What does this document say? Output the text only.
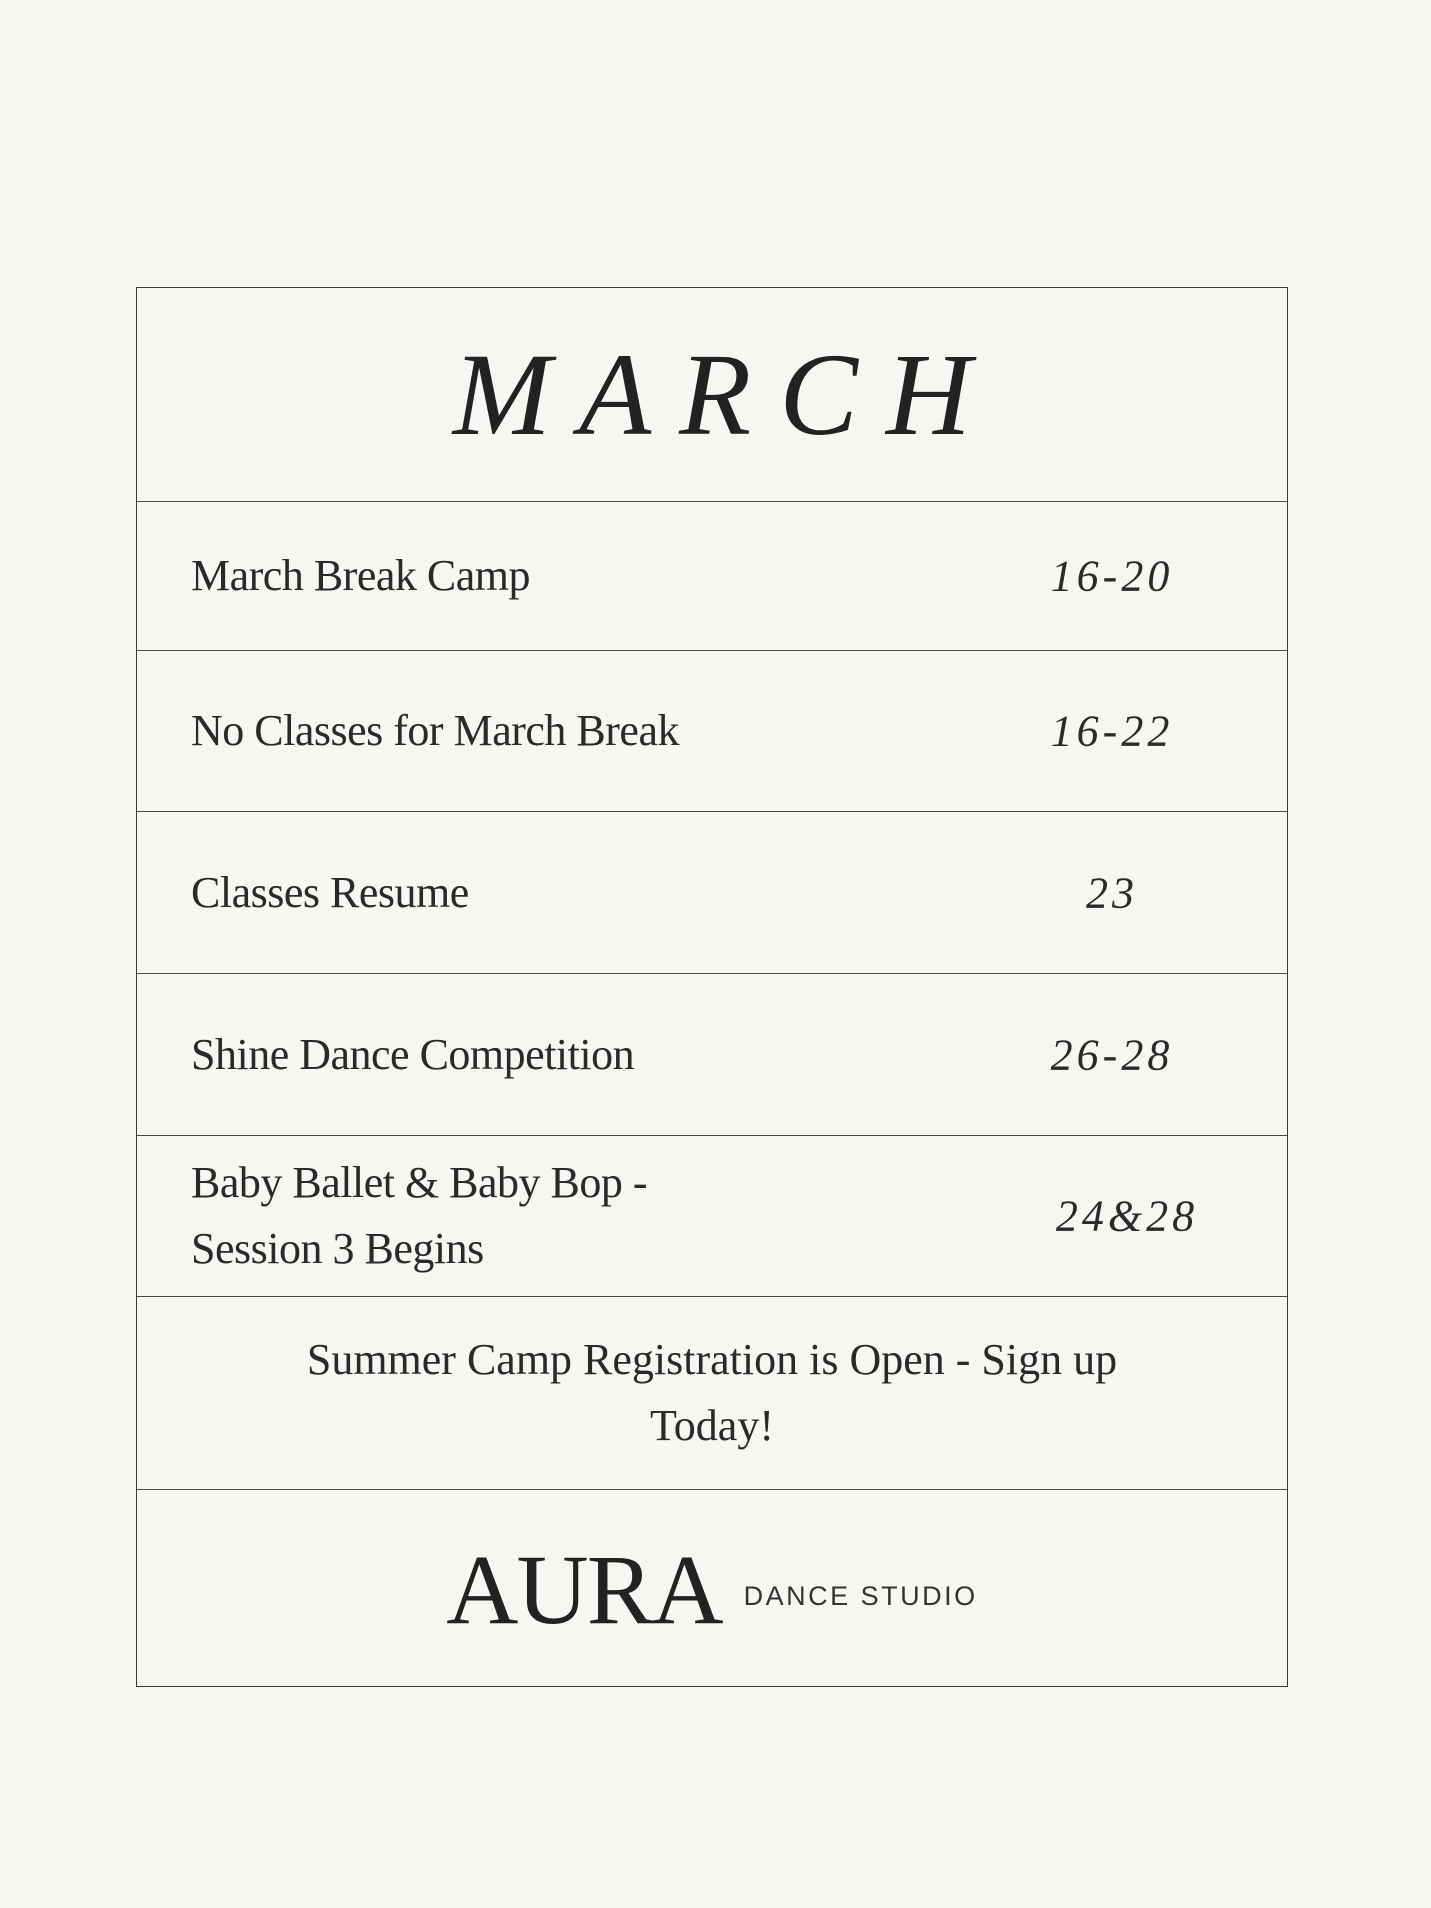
MARCH
March Break Camp	16-20
No Classes for March Break	16-22
Classes Resume	23
Shine Dance Competition	26-28
Baby Ballet & Baby Bop -
Session 3 Begins
24&28
Summer Camp Registration is Open - Sign up Today!
AURA DANCE STUDIO
